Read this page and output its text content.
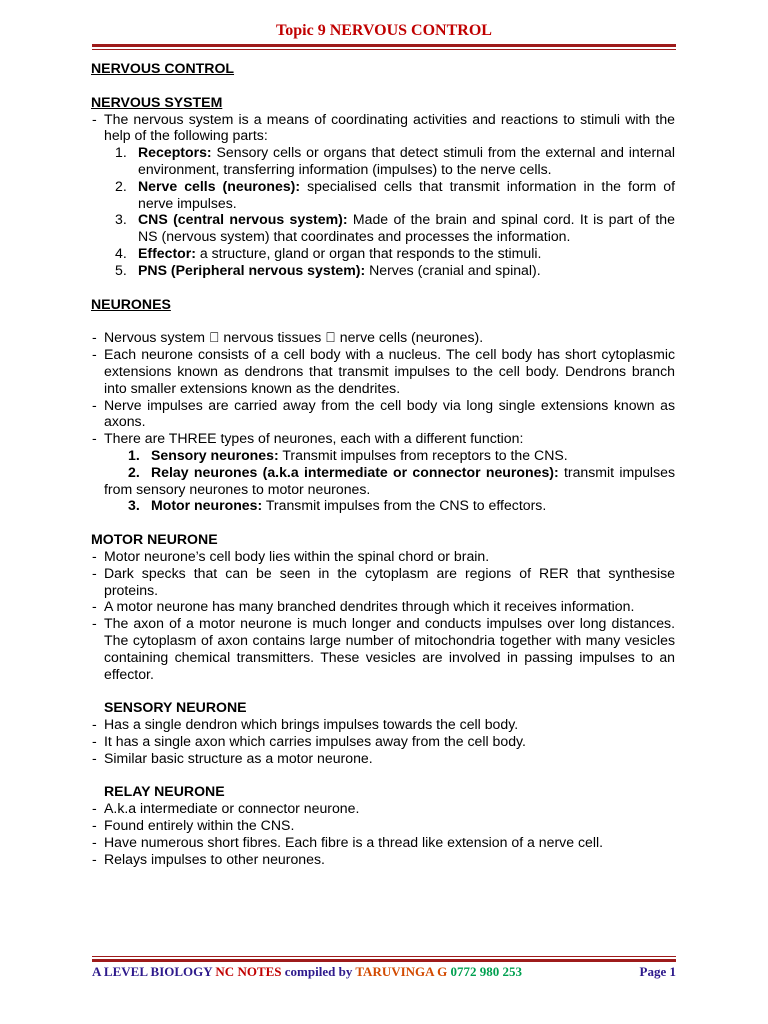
Topic 9 NERVOUS CONTROL

NERVOUS CONTROL

NERVOUS SYSTEM

- The nervous system is a means of coordinating activities and reactions to stimuli with the help of the following parts:
1. Receptors: Sensory cells or organs that detect stimuli from the external and internal environment, transferring information (impulses) to the nerve cells.
2. Nerve cells (neurones): specialised cells that transmit information in the form of nerve impulses.
3. CNS (central nervous system): Made of the brain and spinal cord. It is part of the NS (nervous system) that coordinates and processes the information.
4. Effector: a structure, gland or organ that responds to the stimuli.
5. PNS (Peripheral nervous system): Nerves (cranial and spinal).

NEURONES

- Nervous system   nervous tissues   nerve cells (neurones).
- Each neurone consists of a cell body with a nucleus. The cell body has short cytoplasmic extensions known as dendrons that transmit impulses to the cell body. Dendrons branch into smaller extensions known as the dendrites.
- Nerve impulses are carried away from the cell body via long single extensions known as axons.
- There are THREE types of neurones, each with a different function:
1. Sensory neurones: Transmit impulses from receptors to the CNS.
2. Relay neurones (a.k.a intermediate or connector neurones): transmit impulses from sensory neurones to motor neurones.
3. Motor neurones: Transmit impulses from the CNS to effectors.

MOTOR NEURONE

- Motor neurone’s cell body lies within the spinal chord or brain.
- Dark specks that can be seen in the cytoplasm are regions of RER that synthesise proteins.
- A motor neurone has many branched dendrites through which it receives information.
- The axon of a motor neurone is much longer and conducts impulses over long distances. The cytoplasm of axon contains large number of mitochondria together with many vesicles containing chemical transmitters. These vesicles are involved in passing impulses to an effector.

SENSORY NEURONE

- Has a single dendron which brings impulses towards the cell body.
- It has a single axon which carries impulses away from the cell body.
- Similar basic structure as a motor neurone.

RELAY NEURONE

- A.k.a intermediate or connector neurone.
- Found entirely within the CNS.
- Have numerous short fibres. Each fibre is a thread like extension of a nerve cell.
- Relays impulses to other neurones.
A LEVEL BIOLOGY NC NOTES compiled by TARUVINGA G 0772 980 253	Page 1
